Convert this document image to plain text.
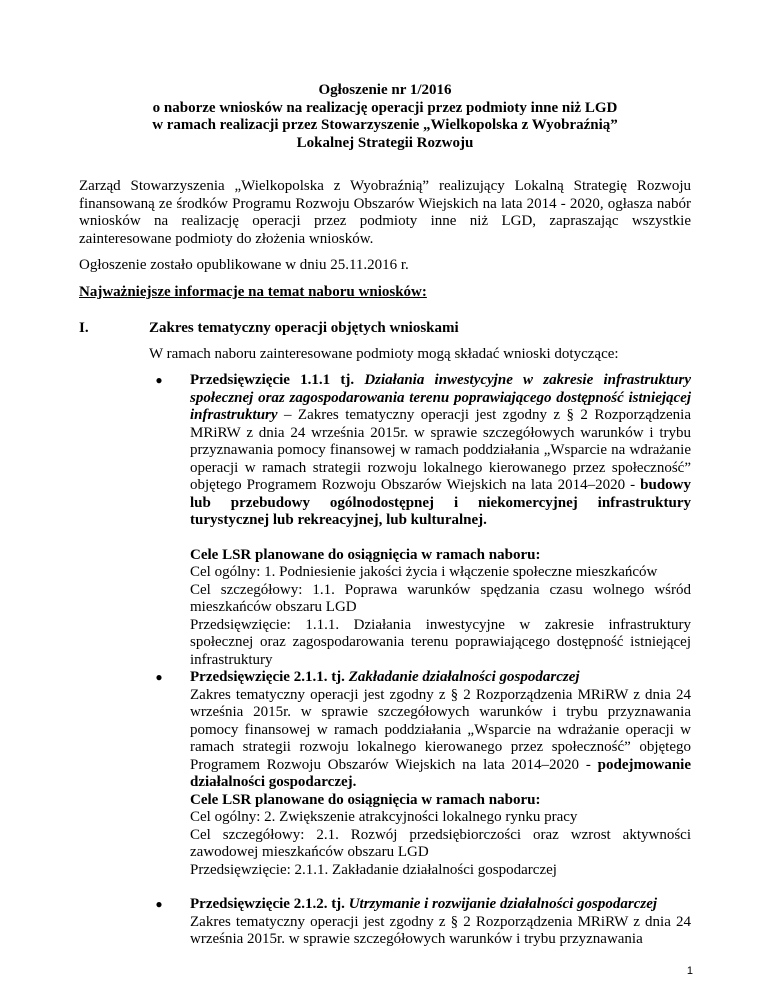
Ogłoszenie nr 1/2016
o naborze wniosków na realizację operacji przez podmioty inne niż LGD
w ramach realizacji przez Stowarzyszenie „Wielkopolska z Wyobraźnią”
Lokalnej Strategii Rozwoju

Zarząd Stowarzyszenia „Wielkopolska z Wyobraźnią” realizujący Lokalną Strategię Rozwoju finansowaną ze środków Programu Rozwoju Obszarów Wiejskich na lata 2014 - 2020, ogłasza nabór wniosków na realizację operacji przez podmioty inne niż LGD, zapraszając wszystkie zainteresowane podmioty do złożenia wniosków.

Ogłoszenie zostało opublikowane w dniu 25.11.2016 r.

Najważniejsze informacje na temat naboru wniosków:

I.	Zakres tematyczny operacji objętych wnioskami

W ramach naboru zainteresowane podmioty mogą składać wnioski dotyczące:

●	Przedsięwzięcie 1.1.1 tj. Działania inwestycyjne w zakresie infrastruktury społecznej oraz zagospodarowania terenu poprawiającego dostępność istniejącej infrastruktury – Zakres tematyczny operacji jest zgodny z § 2 Rozporządzenia MRiRW z dnia 24 września 2015r. w sprawie szczegółowych warunków i trybu przyznawania pomocy finansowej w ramach poddziałania „Wsparcie na wdrażanie operacji w ramach strategii rozwoju lokalnego kierowanego przez społeczność” objętego Programem Rozwoju Obszarów Wiejskich na lata 2014–2020 - budowy lub przebudowy ogólnodostępnej i niekomercyjnej infrastruktury turystycznej lub rekreacyjnej, lub kulturalnej.
Cele LSR planowane do osiągnięcia w ramach naboru:
Cel ogólny: 1. Podniesienie jakości życia i włączenie społeczne mieszkańców
Cel szczegółowy: 1.1. Poprawa warunków spędzania czasu wolnego wśród mieszkańców obszaru LGD
Przedsięwzięcie: 1.1.1. Działania inwestycyjne w zakresie infrastruktury społecznej oraz zagospodarowania terenu poprawiającego dostępność istniejącej infrastruktury
●	Przedsięwzięcie 2.1.1. tj. Zakładanie działalności gospodarczej
Zakres tematyczny operacji jest zgodny z § 2 Rozporządzenia MRiRW z dnia 24 września 2015r. w sprawie szczegółowych warunków i trybu przyznawania pomocy finansowej w ramach poddziałania „Wsparcie na wdrażanie operacji w ramach strategii rozwoju lokalnego kierowanego przez społeczność” objętego Programem Rozwoju Obszarów Wiejskich na lata 2014–2020 - podejmowanie działalności gospodarczej.
Cele LSR planowane do osiągnięcia w ramach naboru:
Cel ogólny: 2. Zwiększenie atrakcyjności lokalnego rynku pracy
Cel szczegółowy: 2.1. Rozwój przedsiębiorczości oraz wzrost aktywności zawodowej mieszkańców obszaru LGD
Przedsięwzięcie: 2.1.1. Zakładanie działalności gospodarczej
●	Przedsięwzięcie 2.1.2. tj. Utrzymanie i rozwijanie działalności gospodarczej
Zakres tematyczny operacji jest zgodny z § 2 Rozporządzenia MRiRW z dnia 24 września 2015r. w sprawie szczegółowych warunków i trybu przyznawania
1
